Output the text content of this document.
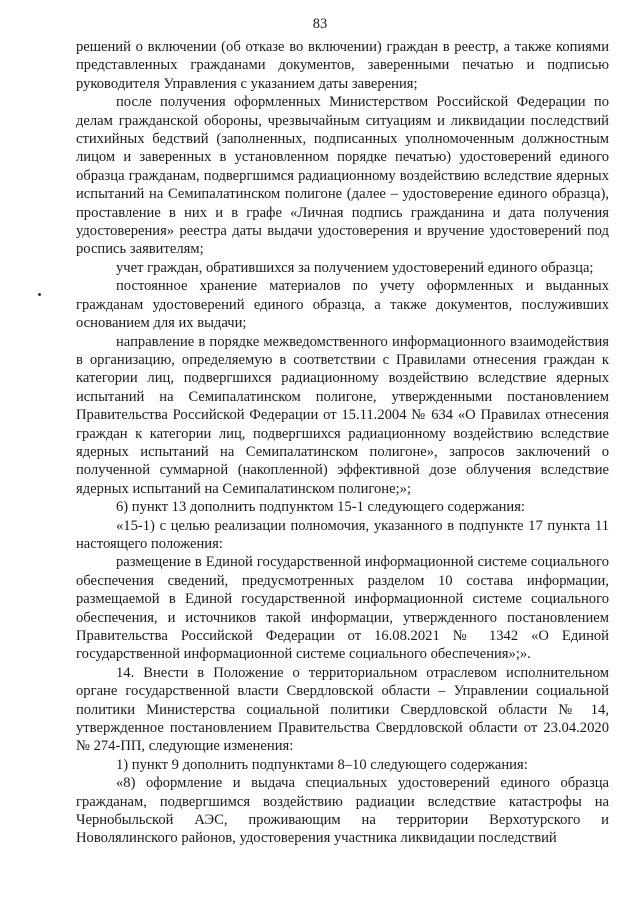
83

решений о включении (об отказе во включении) граждан в реестр, а также копиями представленных гражданами документов, заверенными печатью и подписью руководителя Управления с указанием даты заверения;

после получения оформленных Министерством Российской Федерации по делам гражданской обороны, чрезвычайным ситуациям и ликвидации последствий стихийных бедствий (заполненных, подписанных уполномоченным должностным лицом и заверенных в установленном порядке печатью) удостоверений единого образца гражданам, подвергшимся радиационному воздействию вследствие ядерных испытаний на Семипалатинском полигоне (далее – удостоверение единого образца), проставление в них и в графе «Личная подпись гражданина и дата получения удостоверения» реестра даты выдачи удостоверения и вручение удостоверений под роспись заявителям;

учет граждан, обратившихся за получением удостоверений единого образца;

постоянное хранение материалов по учету оформленных и выданных гражданам удостоверений единого образца, а также документов, послуживших основанием для их выдачи;

направление в порядке межведомственного информационного взаимодействия в организацию, определяемую в соответствии с Правилами отнесения граждан к категории лиц, подвергшихся радиационному воздействию вследствие ядерных испытаний на Семипалатинском полигоне, утвержденными постановлением Правительства Российской Федерации от 15.11.2004 № 634 «О Правилах отнесения граждан к категории лиц, подвергшихся радиационному воздействию вследствие ядерных испытаний на Семипалатинском полигоне», запросов заключений о полученной суммарной (накопленной) эффективной дозе облучения вследствие ядерных испытаний на Семипалатинском полигоне;»;

6) пункт 13 дополнить подпунктом 15-1 следующего содержания:

«15-1) с целью реализации полномочия, указанного в подпункте 17 пункта 11 настоящего положения:

размещение в Единой государственной информационной системе социального обеспечения сведений, предусмотренных разделом 10 состава информации, размещаемой в Единой государственной информационной системе социального обеспечения, и источников такой информации, утвержденного постановлением Правительства Российской Федерации от 16.08.2021 № 1342 «О Единой государственной информационной системе социального обеспечения»;».

14. Внести в Положение о территориальном отраслевом исполнительном органе государственной власти Свердловской области – Управлении социальной политики Министерства социальной политики Свердловской области № 14, утвержденное постановлением Правительства Свердловской области от 23.04.2020 № 274-ПП, следующие изменения:

1) пункт 9 дополнить подпунктами 8–10 следующего содержания:

«8) оформление и выдача специальных удостоверений единого образца гражданам, подвергшимся воздействию радиации вследствие катастрофы на Чернобыльской АЭС, проживающим на территории Верхотурского и Новолялинского районов, удостоверения участника ликвидации последствий
